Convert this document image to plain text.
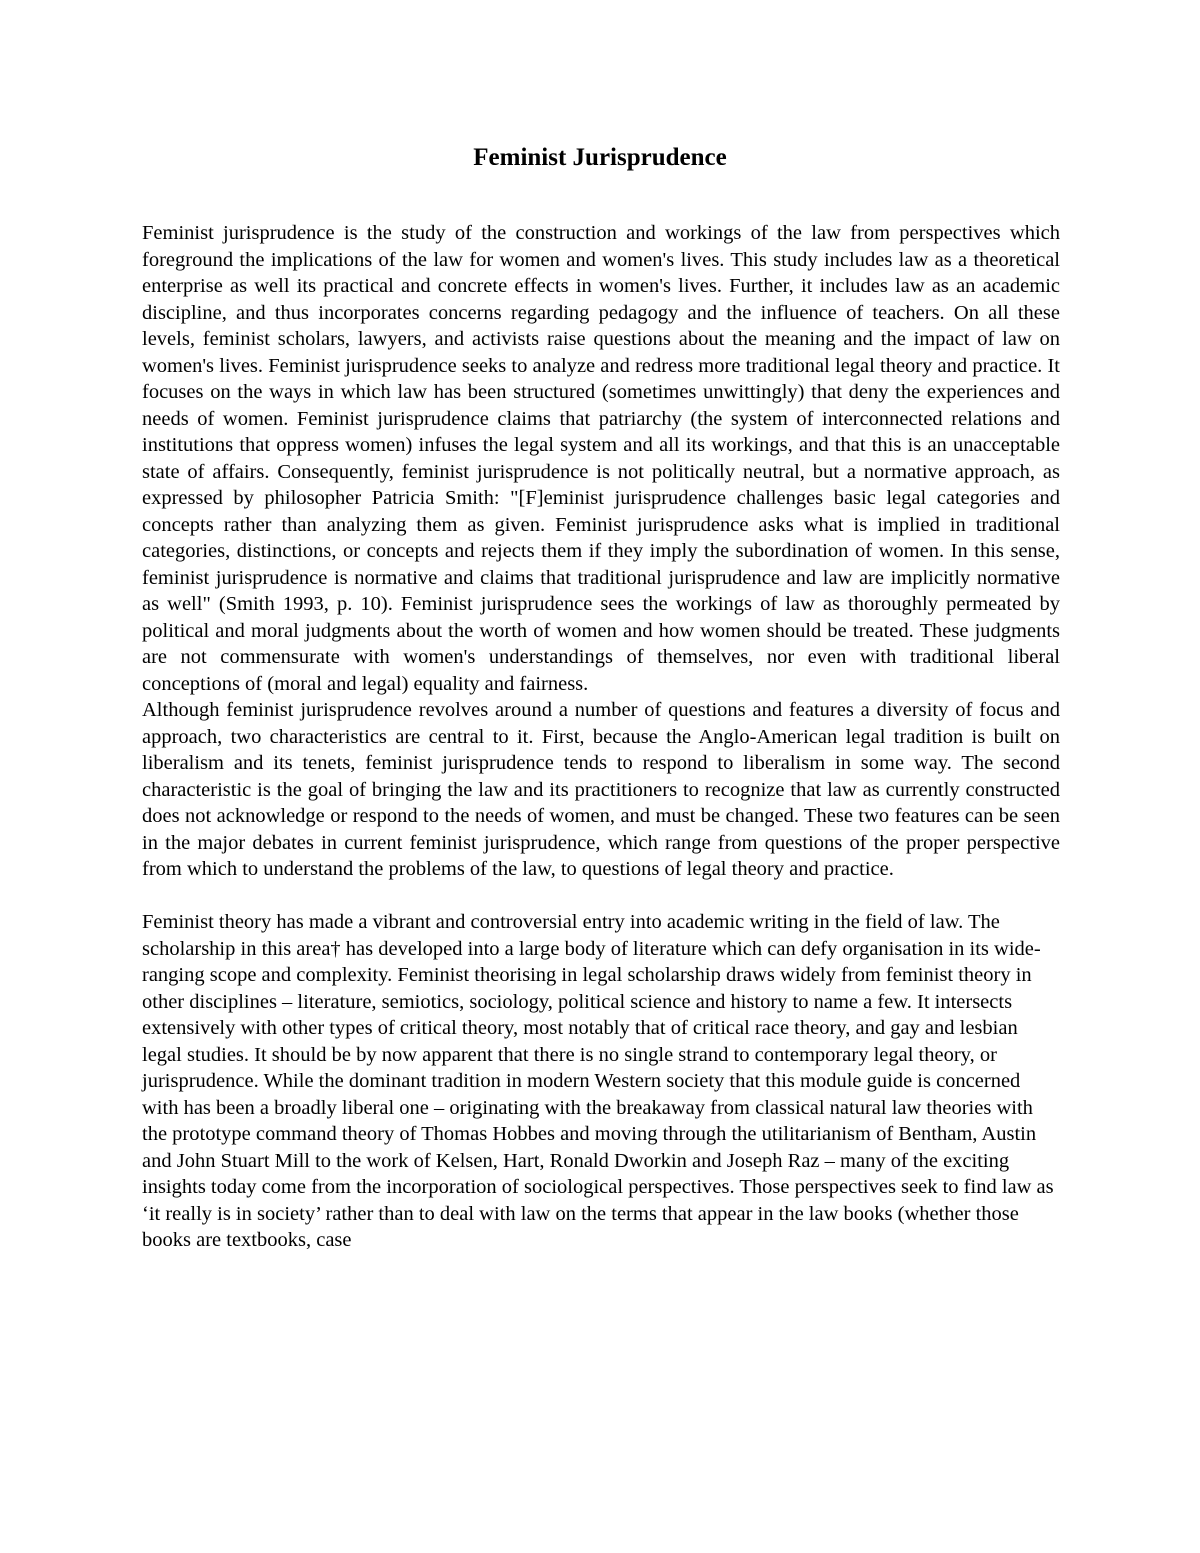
Feminist Jurisprudence

Feminist jurisprudence is the study of the construction and workings of the law from perspectives which foreground the implications of the law for women and women's lives. This study includes law as a theoretical enterprise as well its practical and concrete effects in women's lives. Further, it includes law as an academic discipline, and thus incorporates concerns regarding pedagogy and the influence of teachers. On all these levels, feminist scholars, lawyers, and activists raise questions about the meaning and the impact of law on women's lives. Feminist jurisprudence seeks to analyze and redress more traditional legal theory and practice. It focuses on the ways in which law has been structured (sometimes unwittingly) that deny the experiences and needs of women. Feminist jurisprudence claims that patriarchy (the system of interconnected relations and institutions that oppress women) infuses the legal system and all its workings, and that this is an unacceptable state of affairs. Consequently, feminist jurisprudence is not politically neutral, but a normative approach, as expressed by philosopher Patricia Smith: "[F]eminist jurisprudence challenges basic legal categories and concepts rather than analyzing them as given. Feminist jurisprudence asks what is implied in traditional categories, distinctions, or concepts and rejects them if they imply the subordination of women. In this sense, feminist jurisprudence is normative and claims that traditional jurisprudence and law are implicitly normative as well" (Smith 1993, p. 10). Feminist jurisprudence sees the workings of law as thoroughly permeated by political and moral judgments about the worth of women and how women should be treated. These judgments are not commensurate with women's understandings of themselves, nor even with traditional liberal conceptions of (moral and legal) equality and fairness.

Although feminist jurisprudence revolves around a number of questions and features a diversity of focus and approach, two characteristics are central to it. First, because the Anglo-American legal tradition is built on liberalism and its tenets, feminist jurisprudence tends to respond to liberalism in some way. The second characteristic is the goal of bringing the law and its practitioners to recognize that law as currently constructed does not acknowledge or respond to the needs of women, and must be changed. These two features can be seen in the major debates in current feminist jurisprudence, which range from questions of the proper perspective from which to understand the problems of the law, to questions of legal theory and practice.

Feminist theory has made a vibrant and controversial entry into academic writing in the field of law. The scholarship in this area† has developed into a large body of literature which can defy organisation in its wide-ranging scope and complexity. Feminist theorising in legal scholarship draws widely from feminist theory in other disciplines – literature, semiotics, sociology, political science and history to name a few. It intersects extensively with other types of critical theory, most notably that of critical race theory, and gay and lesbian legal studies. It should be by now apparent that there is no single strand to contemporary legal theory, or jurisprudence. While the dominant tradition in modern Western society that this module guide is concerned with has been a broadly liberal one – originating with the breakaway from classical natural law theories with the prototype command theory of Thomas Hobbes and moving through the utilitarianism of Bentham, Austin and John Stuart Mill to the work of Kelsen, Hart, Ronald Dworkin and Joseph Raz – many of the exciting insights today come from the incorporation of sociological perspectives. Those perspectives seek to find law as ‘it really is in society’ rather than to deal with law on the terms that appear in the law books (whether those books are textbooks, case
